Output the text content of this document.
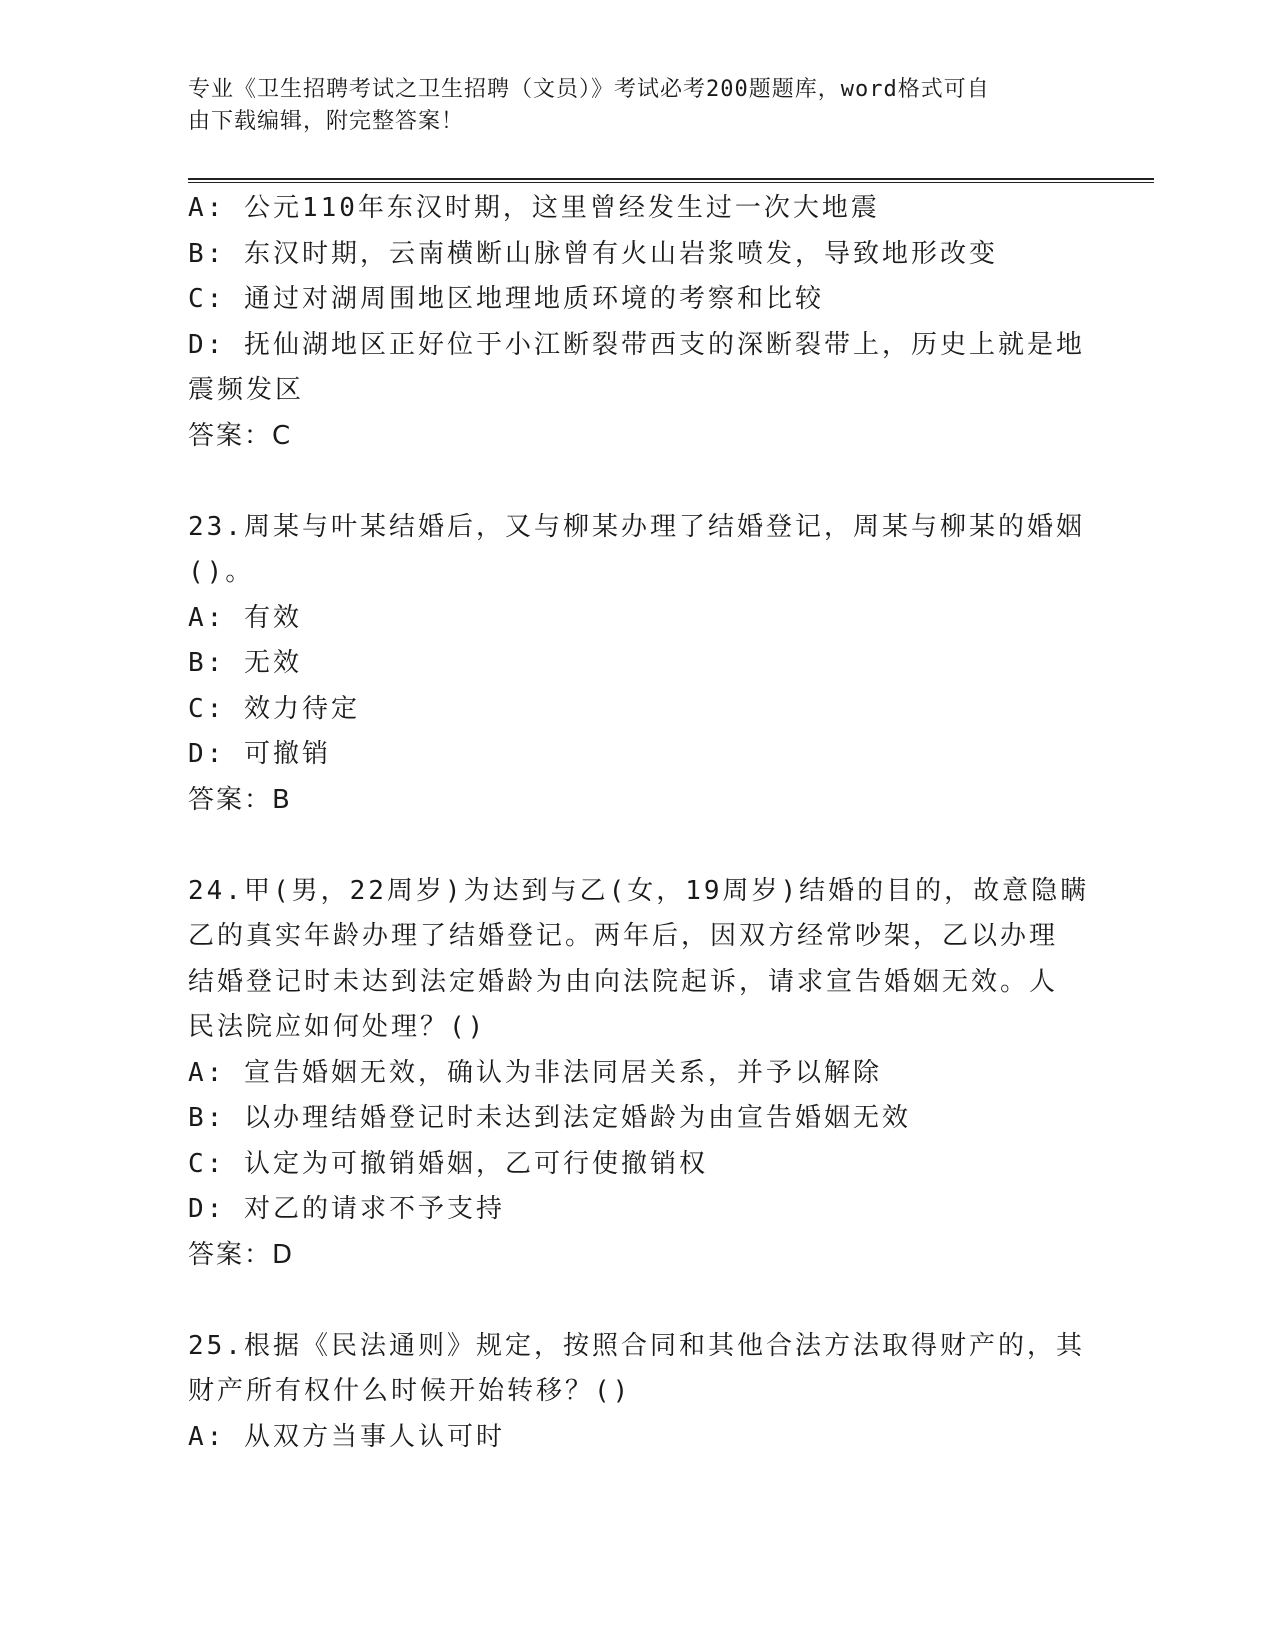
专业《卫生招聘考试之卫生招聘（文员）》考试必考200题题库，word格式可自
由下载编辑，附完整答案！
A: 公元110年东汉时期，这里曾经发生过一次大地震
B: 东汉时期，云南横断山脉曾有火山岩浆喷发，导致地形改变
C: 通过对湖周围地区地理地质环境的考察和比较
D: 抚仙湖地区正好位于小江断裂带西支的深断裂带上，历史上就是地
震频发区
答案：C
23.周某与叶某结婚后，又与柳某办理了结婚登记，周某与柳某的婚姻
()。
A: 有效
B: 无效
C: 效力待定
D: 可撤销
答案：B
24.甲(男，22周岁)为达到与乙(女，19周岁)结婚的目的，故意隐瞒
乙的真实年龄办理了结婚登记。两年后，因双方经常吵架，乙以办理
结婚登记时未达到法定婚龄为由向法院起诉，请求宣告婚姻无效。人
民法院应如何处理？()
A: 宣告婚姻无效，确认为非法同居关系，并予以解除
B: 以办理结婚登记时未达到法定婚龄为由宣告婚姻无效
C: 认定为可撤销婚姻，乙可行使撤销权
D: 对乙的请求不予支持
答案：D
25.根据《民法通则》规定，按照合同和其他合法方法取得财产的，其
财产所有权什么时候开始转移？()
A: 从双方当事人认可时
